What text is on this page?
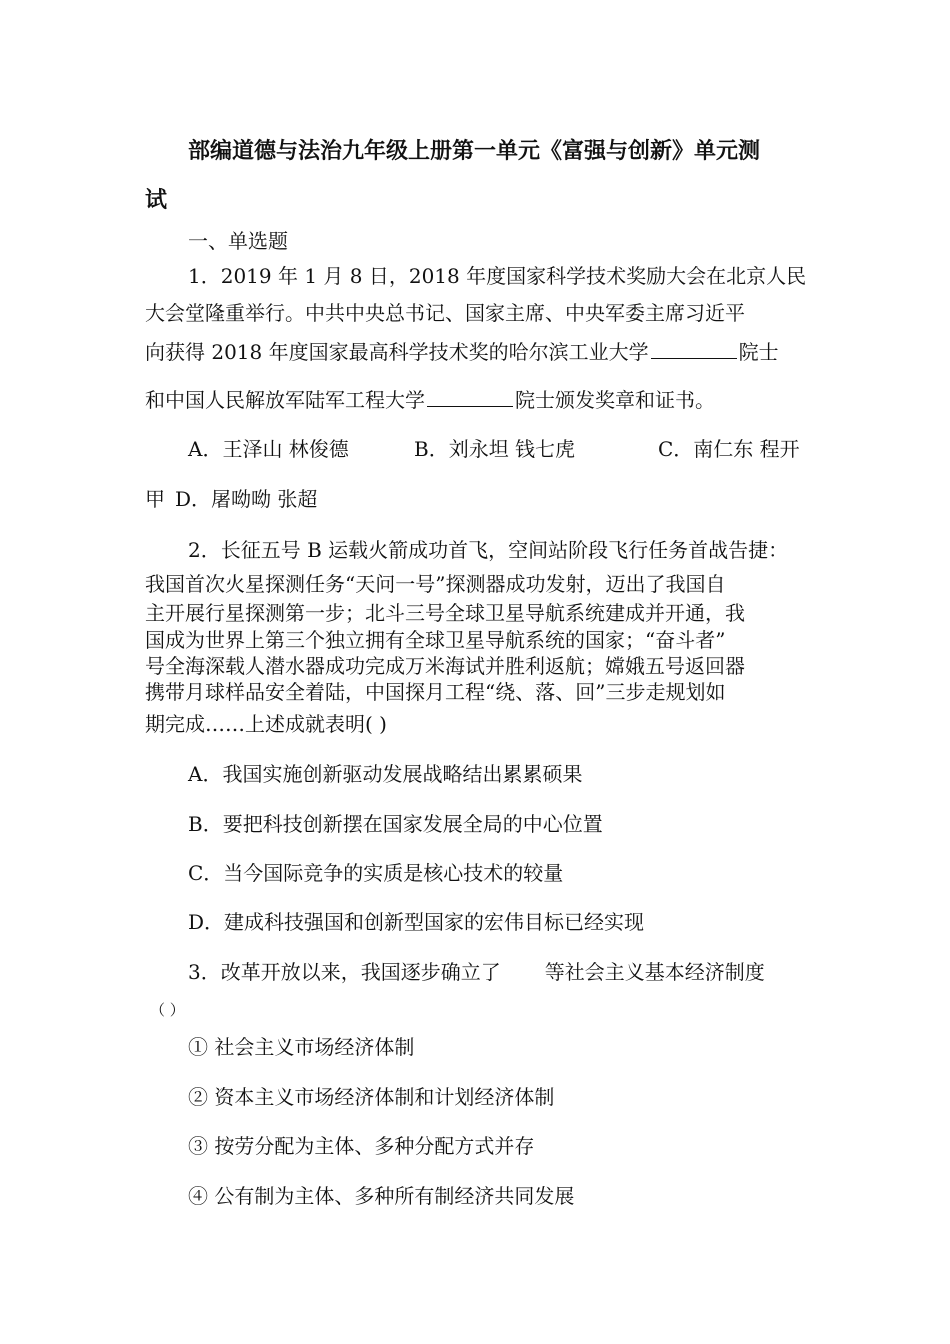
部编道德与法治九年级上册第一单元《富强与创新》单元测
试
一、单选题
1．2019 年 1 月 8 日，2018 年度国家科学技术奖励大会在北京人民
大会堂隆重举行。中共中央总书记、国家主席、中央军委主席习近平
向获得 2018 年度国家最高科学技术奖的哈尔滨工业大学	院士
和中国人民解放军陆军工程大学	院士颁发奖章和证书。
A．王泽山 林俊德	B．刘永坦 钱七虎	C．南仁东 程开
甲 D．屠呦呦 张超
2．长征五号 B 运载火箭成功首飞，空间站阶段飞行任务首战告捷：
我国首次火星探测任务“天问一号”探测器成功发射，迈出了我国自
主开展行星探测第一步；北斗三号全球卫星导航系统建成并开通，我
国成为世界上第三个独立拥有全球卫星导航系统的国家；“奋斗者”
号全海深载人潜水器成功完成万米海试并胜利返航；嫦娥五号返回器
携带月球样品安全着陆，中国探月工程“绕、落、回”三步走规划如
期完成……上述成就表明( )
A．我国实施创新驱动发展战略结出累累硕果
B．要把科技创新摆在国家发展全局的中心位置
C．当今国际竞争的实质是核心技术的较量
D．建成科技强国和创新型国家的宏伟目标已经实现
3．改革开放以来，我国逐步确立了 等社会主义基本经济制度
（ ）
① 社会主义市场经济体制
② 资本主义市场经济体制和计划经济体制
③ 按劳分配为主体、多种分配方式并存
④ 公有制为主体、多种所有制经济共同发展
